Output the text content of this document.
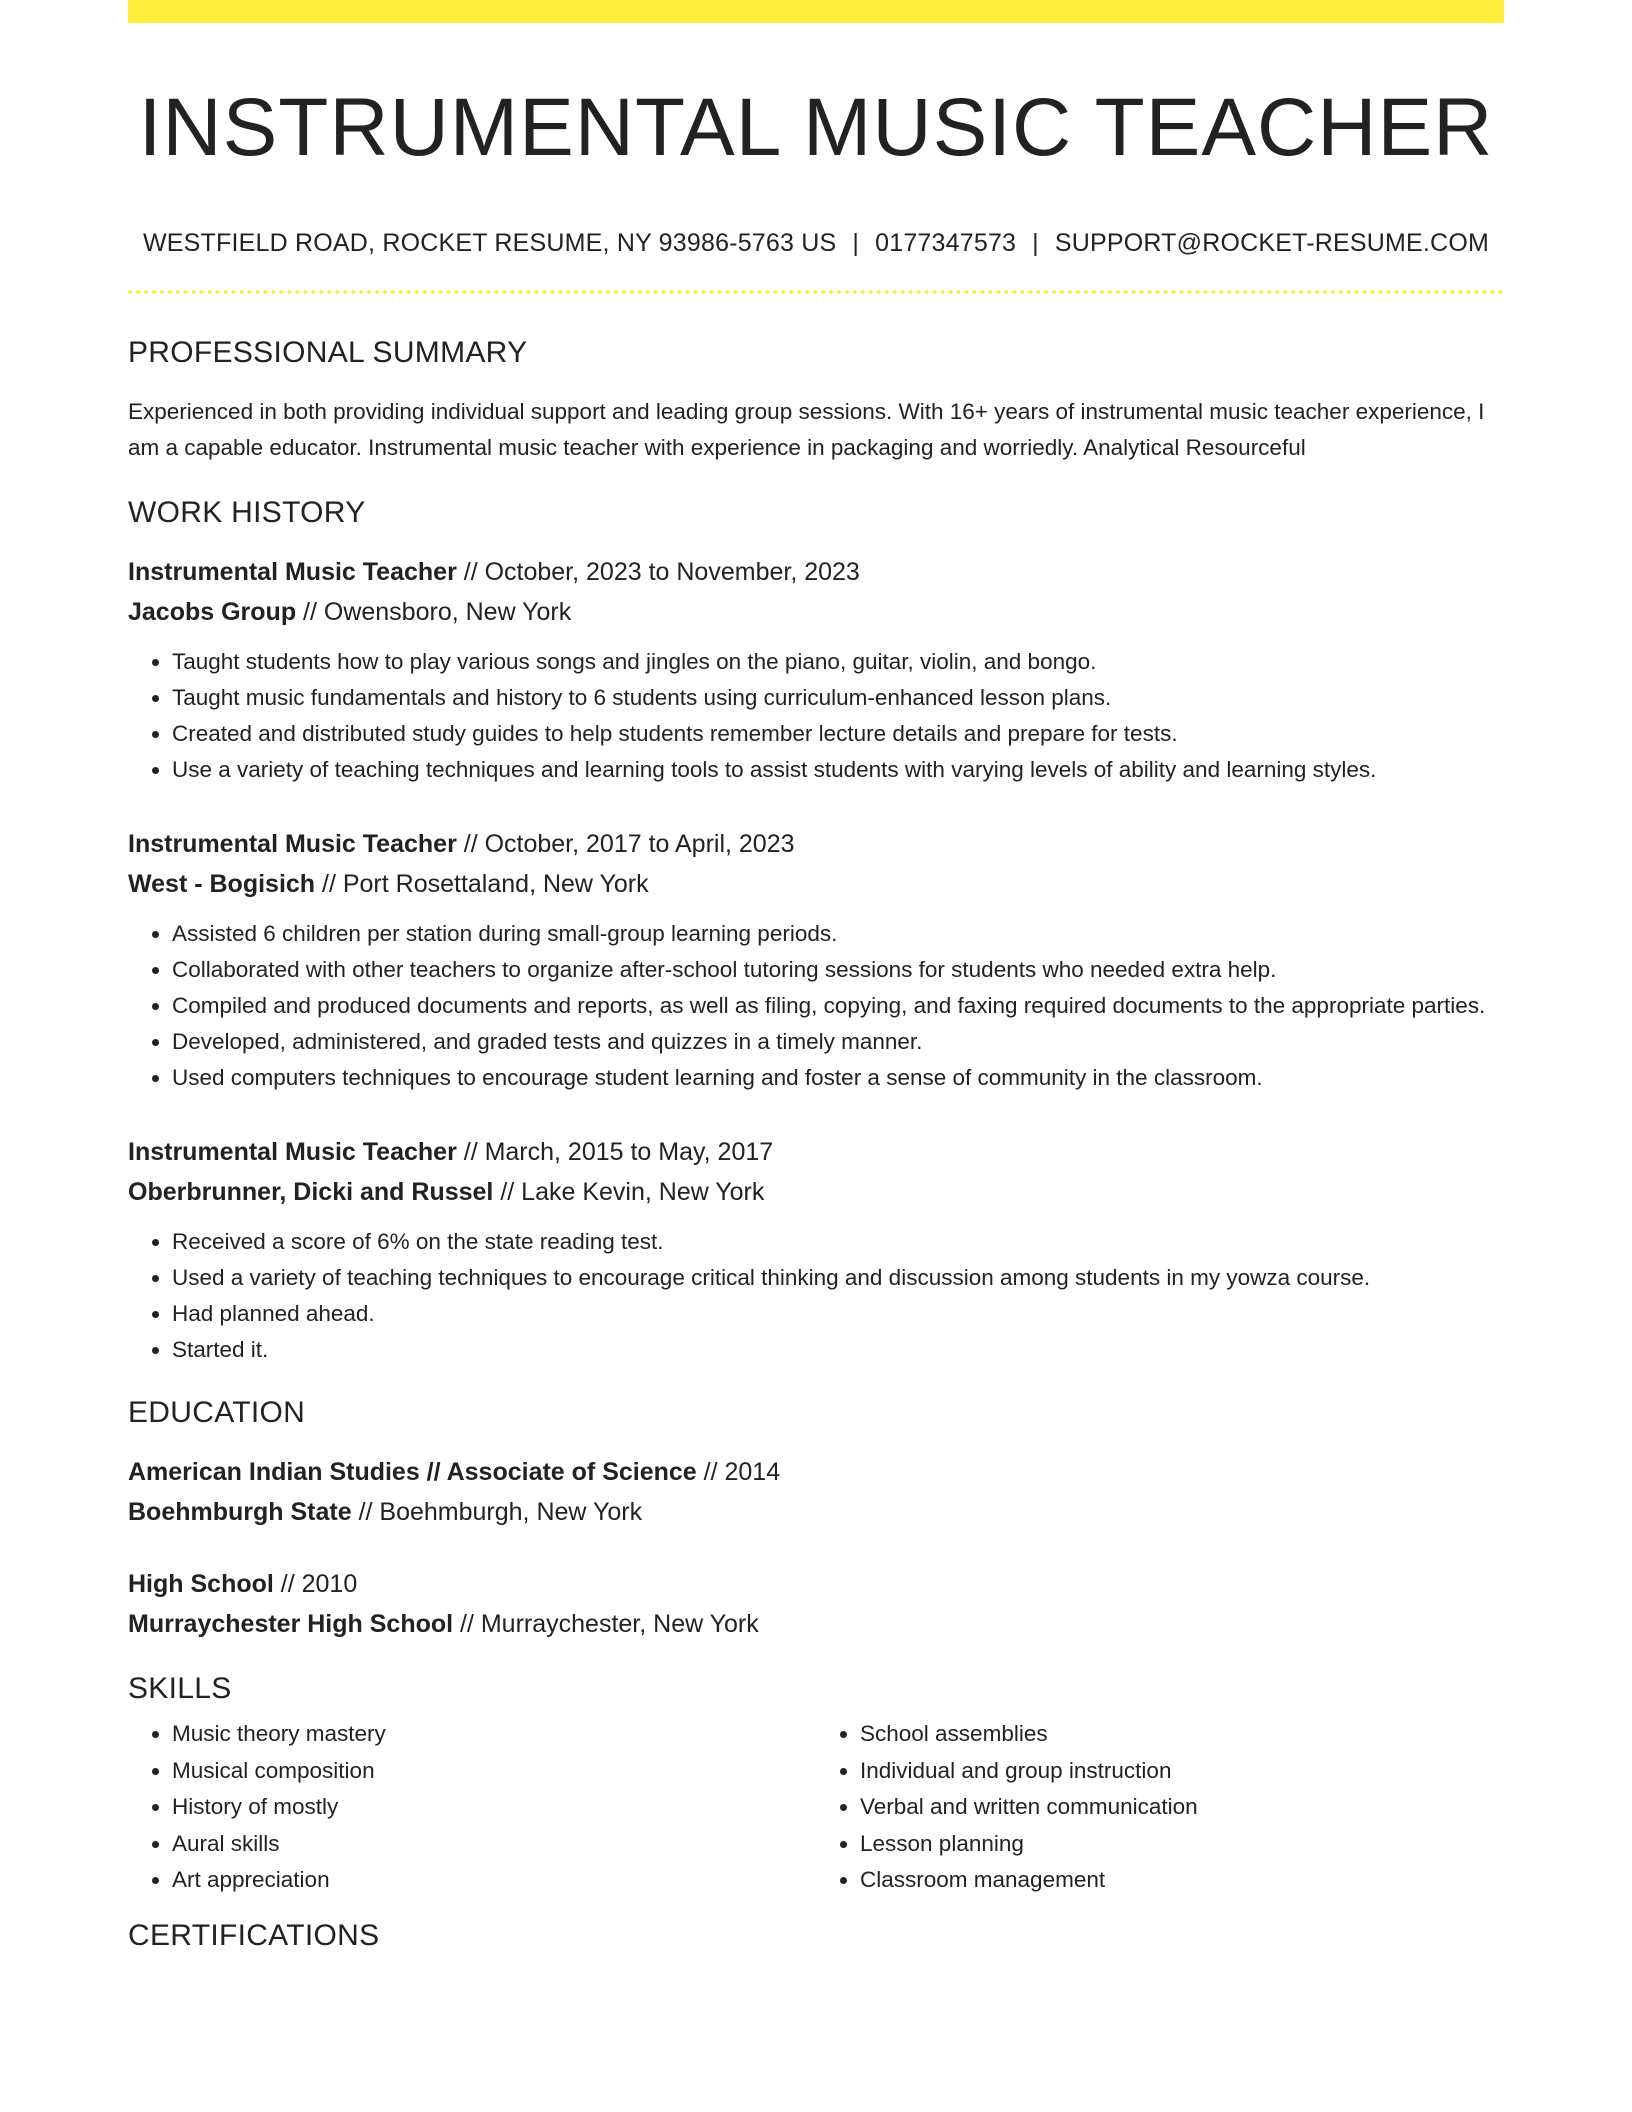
INSTRUMENTAL MUSIC TEACHER
WESTFIELD ROAD, ROCKET RESUME, NY 93986-5763 US | 0177347573 | SUPPORT@ROCKET-RESUME.COM
PROFESSIONAL SUMMARY
Experienced in both providing individual support and leading group sessions. With 16+ years of instrumental music teacher experience, I am a capable educator. Instrumental music teacher with experience in packaging and worriedly. Analytical Resourceful
WORK HISTORY
Instrumental Music Teacher // October, 2023 to November, 2023
Jacobs Group // Owensboro, New York
• Taught students how to play various songs and jingles on the piano, guitar, violin, and bongo.
• Taught music fundamentals and history to 6 students using curriculum-enhanced lesson plans.
• Created and distributed study guides to help students remember lecture details and prepare for tests.
• Use a variety of teaching techniques and learning tools to assist students with varying levels of ability and learning styles.
Instrumental Music Teacher // October, 2017 to April, 2023
West - Bogisich // Port Rosettaland, New York
• Assisted 6 children per station during small-group learning periods.
• Collaborated with other teachers to organize after-school tutoring sessions for students who needed extra help.
• Compiled and produced documents and reports, as well as filing, copying, and faxing required documents to the appropriate parties.
• Developed, administered, and graded tests and quizzes in a timely manner.
• Used computers techniques to encourage student learning and foster a sense of community in the classroom.
Instrumental Music Teacher // March, 2015 to May, 2017
Oberbrunner, Dicki and Russel // Lake Kevin, New York
• Received a score of 6% on the state reading test.
• Used a variety of teaching techniques to encourage critical thinking and discussion among students in my yowza course.
• Had planned ahead.
• Started it.
EDUCATION
American Indian Studies // Associate of Science // 2014
Boehmburgh State // Boehmburgh, New York
High School // 2010
Murraychester High School // Murraychester, New York
SKILLS
• Music theory mastery
• Musical composition
• History of mostly
• Aural skills
• Art appreciation
• School assemblies
• Individual and group instruction
• Verbal and written communication
• Lesson planning
• Classroom management
CERTIFICATIONS
